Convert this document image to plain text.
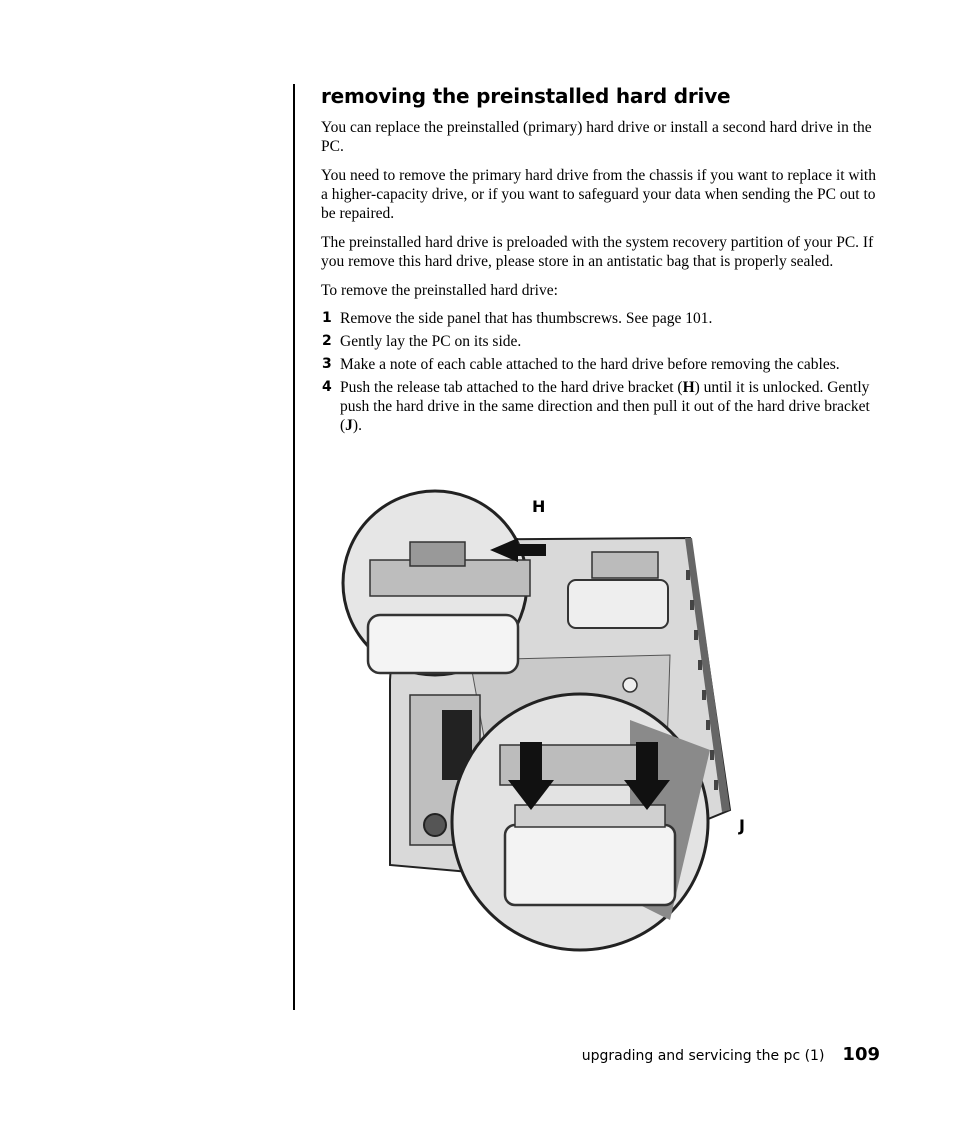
removing the preinstalled hard drive

You can replace the preinstalled (primary) hard drive or install a second hard drive in the PC.

You need to remove the primary hard drive from the chassis if you want to replace it with a higher-capacity drive, or if you want to safeguard your data when sending the PC out to be repaired.

The preinstalled hard drive is preloaded with the system recovery partition of your PC. If you remove this hard drive, please store in an antistatic bag that is properly sealed.

To remove the preinstalled hard drive:

1 Remove the side panel that has thumbscrews. See page 101.
2 Gently lay the PC on its side.
3 Make a note of each cable attached to the hard drive before removing the cables.
4 Push the release tab attached to the hard drive bracket (H) until it is unlocked. Gently push the hard drive in the same direction and then pull it out of the hard drive bracket (J).
H
J
upgrading and servicing the pc (1) 109
